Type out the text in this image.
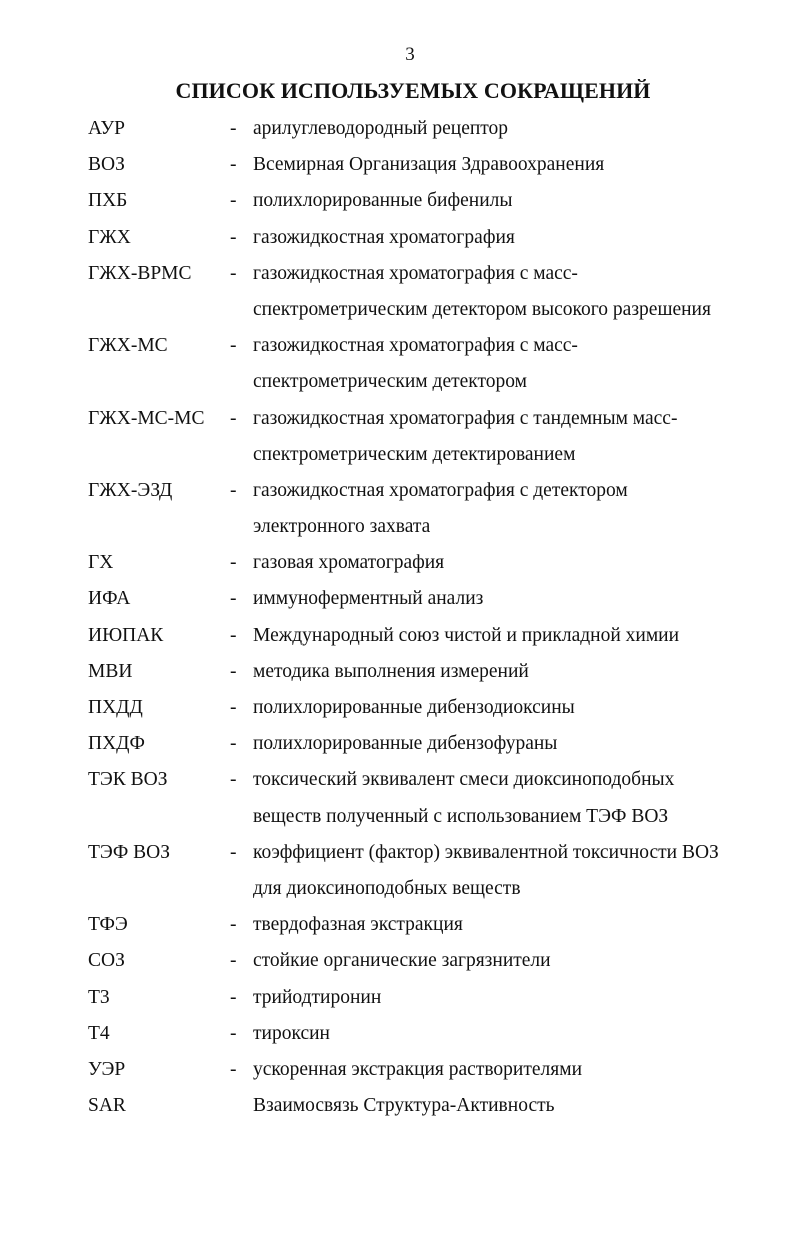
3
СПИСОК ИСПОЛЬЗУЕМЫХ СОКРАЩЕНИЙ
АУР	- арилуглеводородный рецептор
ВОЗ	- Всемирная Организация Здравоохранения
ПХБ	- полихлорированные бифенилы
ГЖХ	- газожидкостная хроматография
ГЖХ-ВРМС - газожидкостная хроматография с масс-
спектрометрическим детектором высокого разрешения
ГЖХ-МС	- газожидкостная хроматография с масс-
спектрометрическим детектором
ГЖХ-МС-МС - газожидкостная хроматография с тандемным масс-
спектрометрическим детектированием
ГЖХ-ЭЗД	- газожидкостная хроматография с детектором
электронного захвата
ГХ	- газовая хроматография
ИФА	- иммуноферментный анализ
ИЮПАК	- Международный союз чистой и прикладной химии
МВИ	- методика выполнения измерений
ПХДД	- полихлорированные дибензодиоксины
ПХДФ	- полихлорированные дибензофураны
ТЭК ВОЗ	- токсический эквивалент смеси диоксиноподобных
веществ полученный с использованием ТЭФ ВОЗ
ТЭФ ВОЗ	- коэффициент (фактор) эквивалентной токсичности ВОЗ
для диоксиноподобных веществ
ТФЭ	- твердофазная экстракция
СОЗ	- стойкие органические загрязнители
Т3	- трийодтиронин
Т4	- тироксин
УЭР	- ускоренная экстракция растворителями
SAR	Взаимосвязь Структура-Активность
